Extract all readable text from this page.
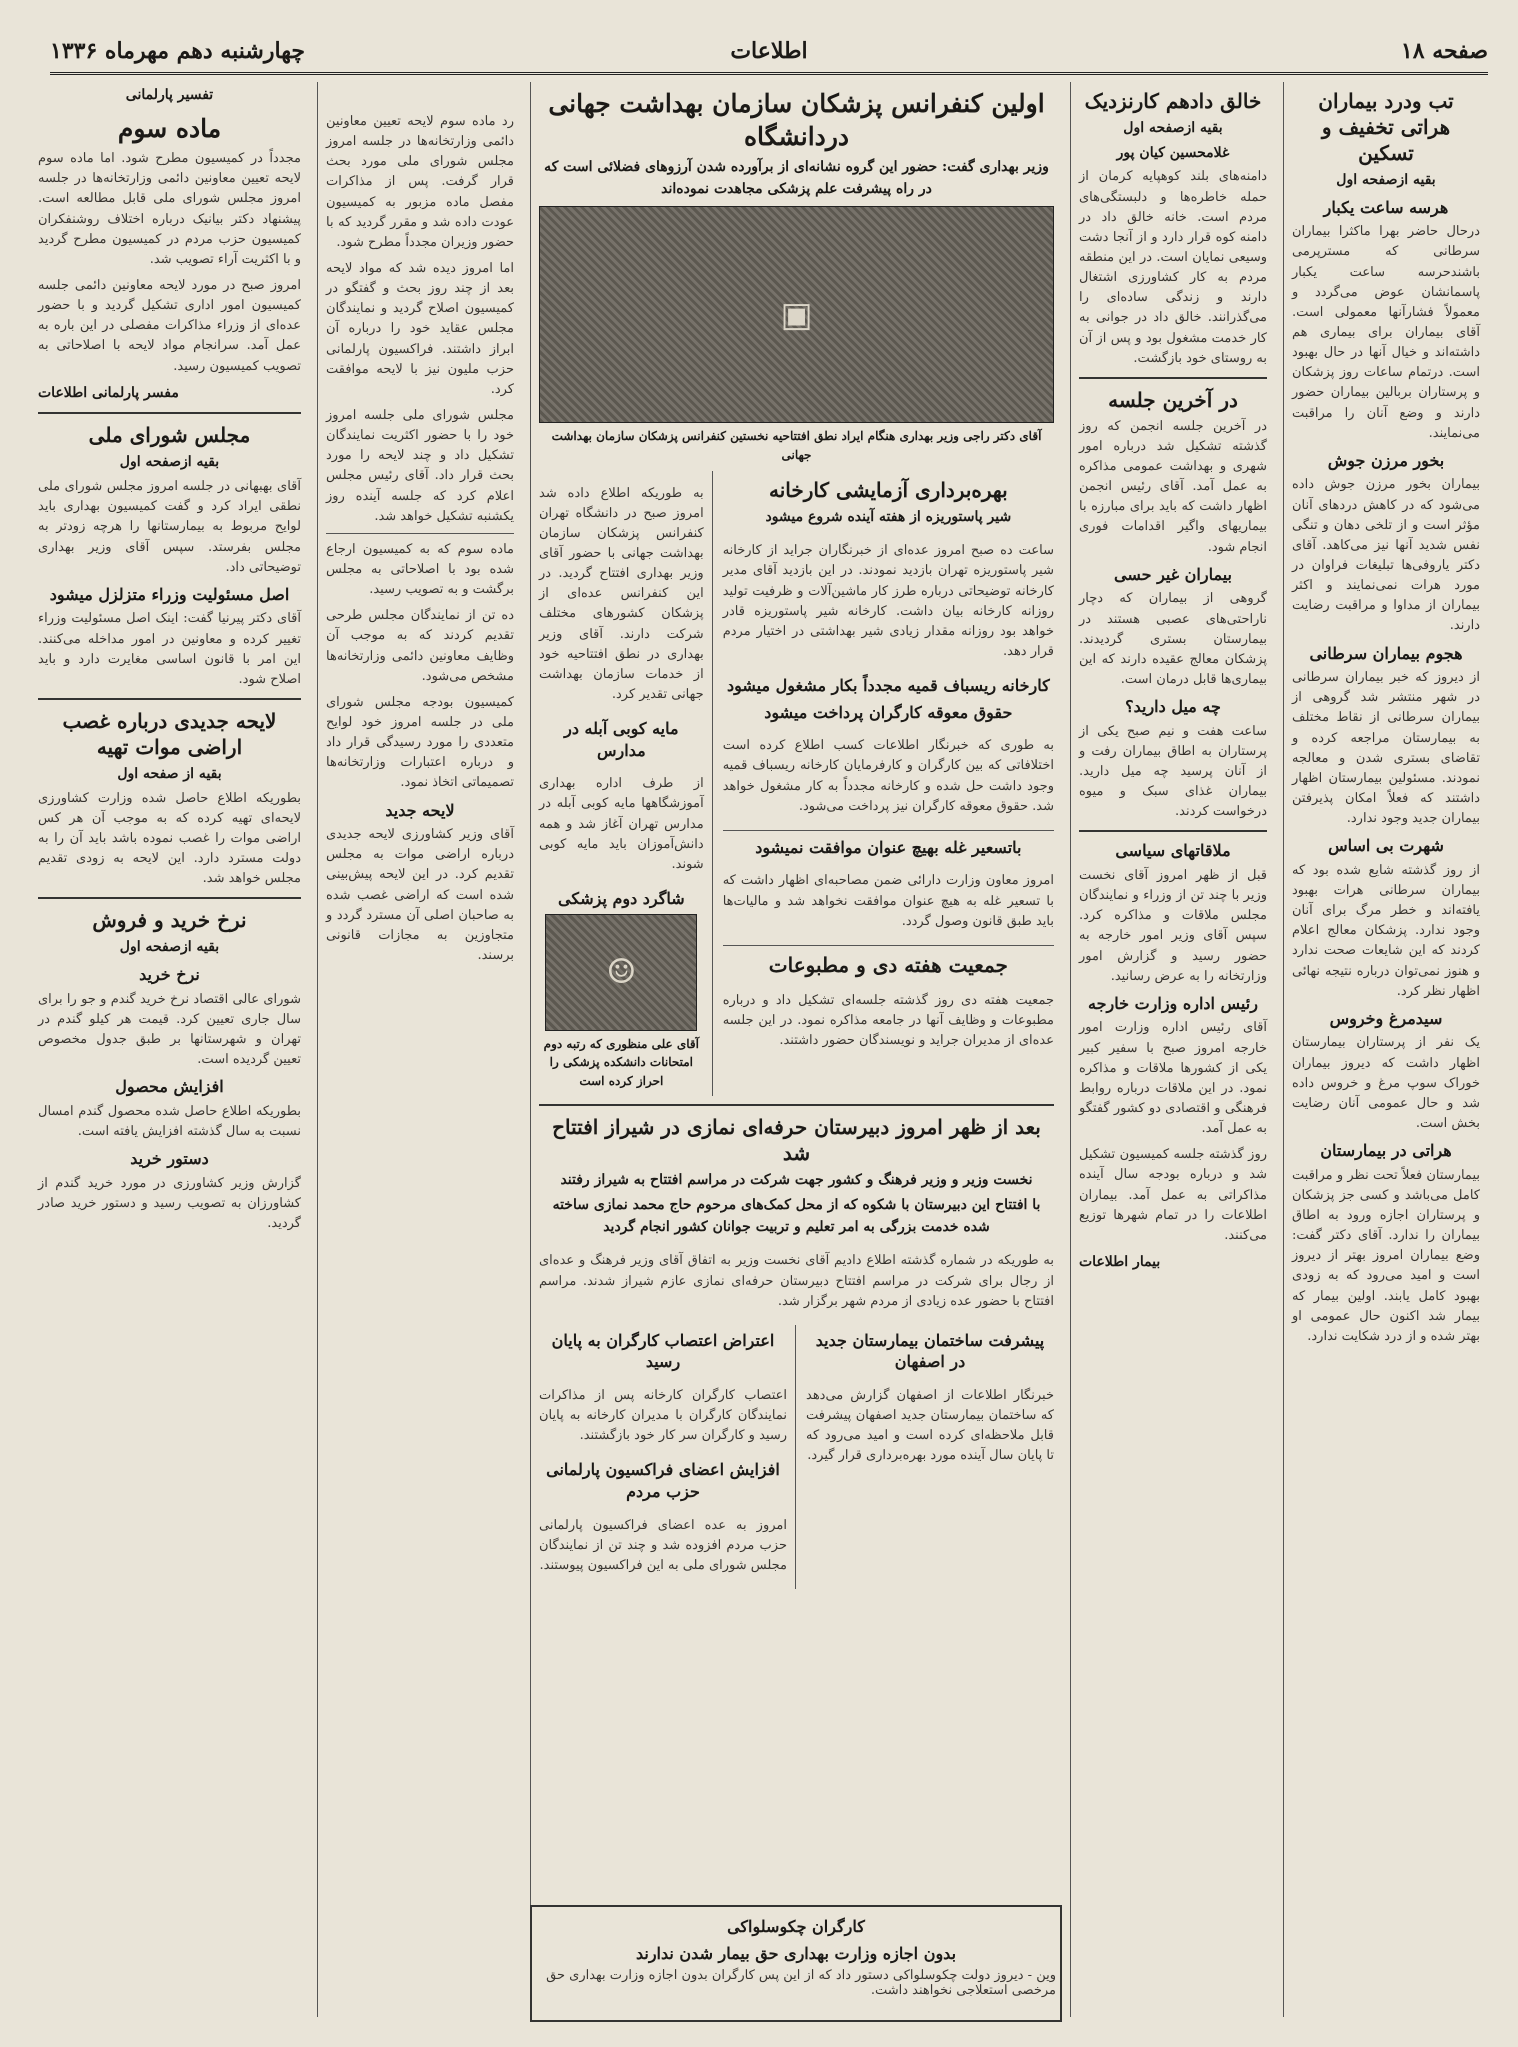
صفحه ۱۸
اطلاعات
چهارشنبه دهم مهرماه ۱۳۳۶
تب ودرد بیماران هراتی تخفیف و تسکین
بقیه ازصفحه اول
هرسه ساعت یکبار

درحال حاضر بهرا ماکثرا بیماران سرطانی که مسترپرمی باشندحرسه ساعت یکبار پاسمانشان عوض می‌گردد و معمولاً فشارآنها معمولی است. آقای بیماران برای بیماری هم داشته‌اند و خیال آنها در حال بهبود است. درتمام ساعات روز پزشکان و پرستاران بربالین بیماران حضور دارند و وضع آنان را مراقبت می‌نمایند.

بخور مرزن جوش

بیماران بخور مرزن جوش داده می‌شود که در کاهش دردهای آنان مؤثر است و از تلخی دهان و تنگی نفس شدید آنها نیز می‌کاهد. آقای دکتر یاروفی‌ها تبلیغات فراوان در مورد هرات نمی‌نمایند و اکثر بیماران از مداوا و مراقبت رضایت دارند.

هجوم بیماران سرطانی

از دیروز که خبر بیماران سرطانی در شهر منتشر شد گروهی از بیماران سرطانی از نقاط مختلف به بیمارستان مراجعه کرده و تقاضای بستری شدن و معالجه نمودند. مسئولین بیمارستان اظهار داشتند که فعلاً امکان پذیرفتن بیماران جدید وجود ندارد.

شهرت بی اساس

از روز گذشته شایع شده بود که بیماران سرطانی هرات بهبود یافته‌اند و خطر مرگ برای آنان وجود ندارد. پزشکان معالج اعلام کردند که این شایعات صحت ندارد و هنوز نمی‌توان درباره نتیجه نهائی اظهار نظر کرد.

سیدمرغ وخروس

یک نفر از پرستاران بیمارستان اظهار داشت که دیروز بیماران خوراک سوپ مرغ و خروس داده شد و حال عمومی آنان رضایت بخش است.

هراتی در بیمارستان

بیمارستان فعلاً تحت نظر و مراقبت کامل می‌باشد و کسی جز پزشکان و پرستاران اجازه ورود به اطاق بیماران را ندارد. آقای دکتر گفت: وضع بیماران امروز بهتر از دیروز است و امید می‌رود که به زودی بهبود کامل یابند. اولین بیمار که بیمار شد اکنون حال عمومی او بهتر شده و از درد شکایت ندارد.

خالق دادهم کارنزدیک
بقیه ازصفحه اول
غلامحسین کیان پور

دامنه‌های بلند کوهپایه کرمان از حمله خاطره‌ها و دلبستگی‌های مردم است. خانه خالق داد در دامنه کوه قرار دارد و از آنجا دشت وسیعی نمایان است. در این منطقه مردم به کار کشاورزی اشتغال دارند و زندگی ساده‌ای را می‌گذرانند. خالق داد در جوانی به کار خدمت مشغول بود و پس از آن به روستای خود بازگشت.

در آخرین جلسه

در آخرین جلسه انجمن که روز گذشته تشکیل شد درباره امور شهری و بهداشت عمومی مذاکره به عمل آمد. آقای رئیس انجمن اظهار داشت که باید برای مبارزه با بیماریهای واگیر اقدامات فوری انجام شود.

بیماران غیر حسی

گروهی از بیماران که دچار ناراحتی‌های عصبی هستند در بیمارستان بستری گردیدند. پزشکان معالج عقیده دارند که این بیماری‌ها قابل درمان است.

چه میل دارید؟

ساعت هفت و نیم صبح یکی از پرستاران به اطاق بیماران رفت و از آنان پرسید چه میل دارید. بیماران غذای سبک و میوه درخواست کردند.

ملاقاتهای سیاسی

قبل از ظهر امروز آقای نخست وزیر با چند تن از وزراء و نمایندگان مجلس ملاقات و مذاکره کرد. سپس آقای وزیر امور خارجه به حضور رسید و گزارش امور وزارتخانه را به عرض رسانید.

رئیس اداره وزارت خارجه

آقای رئیس اداره وزارت امور خارجه امروز صبح با سفیر کبیر یکی از کشورها ملاقات و مذاکره نمود. در این ملاقات درباره روابط فرهنگی و اقتصادی دو کشور گفتگو به عمل آمد.

روز گذشته جلسه کمیسیون تشکیل شد و درباره بودجه سال آینده مذاکراتی به عمل آمد. بیماران اطلاعات را در تمام شهرها توزیع می‌کنند.

بیمار اطلاعات
اولین کنفرانس پزشکان سازمان بهداشت جهانی دردانشگاه
وزیر بهداری گفت: حضور این گروه نشانه‌ای از برآورده شدن آرزوهای فضلائی است که در راه پیشرفت علم پزشکی مجاهدت نموده‌اند
▣
آقای دکتر راجی وزیر بهداری هنگام ایراد نطق افتتاحیه نخستین کنفرانس پزشکان سازمان بهداشت جهانی
بهره‌برداری آزمایشی کارخانه
شیر پاستوریزه از هفته آینده شروع میشود

ساعت ده صبح امروز عده‌ای از خبرنگاران جراید از کارخانه شیر پاستوریزه تهران بازدید نمودند. در این بازدید آقای مدیر کارخانه توضیحاتی درباره طرز کار ماشین‌آلات و ظرفیت تولید روزانه کارخانه بیان داشت. کارخانه شیر پاستوریزه قادر خواهد بود روزانه مقدار زیادی شیر بهداشتی در اختیار مردم قرار دهد.

کارخانه ریسباف قمیه مجدداً بکار مشغول میشود
حقوق معوقه کارگران پرداخت میشود

به طوری که خبرنگار اطلاعات کسب اطلاع کرده است اختلافاتی که بین کارگران و کارفرمایان کارخانه ریسباف قمیه وجود داشت حل شده و کارخانه مجدداً به کار مشغول خواهد شد. حقوق معوقه کارگران نیز پرداخت می‌شود.

باتسعیر غله بهیچ عنوان موافقت نمیشود

امروز معاون وزارت دارائی ضمن مصاحبه‌ای اظهار داشت که با تسعیر غله به هیچ عنوان موافقت نخواهد شد و مالیات‌ها باید طبق قانون وصول گردد.

جمعیت هفته دی و مطبوعات

جمعیت هفته دی روز گذشته جلسه‌ای تشکیل داد و درباره مطبوعات و وظایف آنها در جامعه مذاکره نمود. در این جلسه عده‌ای از مدیران جراید و نویسندگان حضور داشتند.

به طوریکه اطلاع داده شد امروز صبح در دانشگاه تهران کنفرانس پزشکان سازمان بهداشت جهانی با حضور آقای وزیر بهداری افتتاح گردید. در این کنفرانس عده‌ای از پزشکان کشورهای مختلف شرکت دارند. آقای وزیر بهداری در نطق افتتاحیه خود از خدمات سازمان بهداشت جهانی تقدیر کرد.

مایه کوبی آبله در مدارس

از طرف اداره بهداری آموزشگاهها مایه کوبی آبله در مدارس تهران آغاز شد و همه دانش‌آموزان باید مایه کوبی شوند.

شاگرد دوم پزشکی
☺
آقای علی منظوری که رتبه دوم امتحانات دانشکده پزشکی را احراز کرده است
بعد از ظهر امروز دبیرستان حرفه‌ای نمازی در شیراز افتتاح شد
نخست وزیر و وزیر فرهنگ و کشور جهت شرکت در مراسم افتتاح به شیراز رفتند
با افتتاح این دبیرستان با شکوه که از محل کمک‌های مرحوم حاج محمد نمازی ساخته شده خدمت بزرگی به امر تعلیم و تربیت جوانان کشور انجام گردید

به طوریکه در شماره گذشته اطلاع دادیم آقای نخست وزیر به اتفاق آقای وزیر فرهنگ و عده‌ای از رجال برای شرکت در مراسم افتتاح دبیرستان حرفه‌ای نمازی عازم شیراز شدند. مراسم افتتاح با حضور عده زیادی از مردم شهر برگزار شد.

پیشرفت ساختمان بیمارستان جدید در اصفهان

خبرنگار اطلاعات از اصفهان گزارش می‌دهد که ساختمان بیمارستان جدید اصفهان پیشرفت قابل ملاحظه‌ای کرده است و امید می‌رود که تا پایان سال آینده مورد بهره‌برداری قرار گیرد.

اعتراض اعتصاب کارگران به پایان رسید

اعتصاب کارگران کارخانه پس از مذاکرات نمایندگان کارگران با مدیران کارخانه به پایان رسید و کارگران سر کار خود بازگشتند.

افزایش اعضای فراکسیون پارلمانی حزب مردم

امروز به عده اعضای فراکسیون پارلمانی حزب مردم افزوده شد و چند تن از نمایندگان مجلس شورای ملی به این فراکسیون پیوستند.

کارگران چکوسلواکی
بدون اجازه وزارت بهداری حق بیمار شدن ندارند

وین - دیروز دولت چکوسلواکی دستور داد که از این پس کارگران بدون اجازه وزارت بهداری حق مرخصی استعلاجی نخواهند داشت.

رد ماده سوم لایحه تعیین معاونین دائمی وزارتخانه‌ها در جلسه امروز مجلس شورای ملی مورد بحث قرار گرفت. پس از مذاکرات مفصل ماده مزبور به کمیسیون عودت داده شد و مقرر گردید که با حضور وزیران مجدداً مطرح شود.

اما امروز دیده شد که مواد لایحه بعد از چند روز بحث و گفتگو در کمیسیون اصلاح گردید و نمایندگان مجلس عقاید خود را درباره آن ابراز داشتند. فراکسیون پارلمانی حزب ملیون نیز با لایحه موافقت کرد.

مجلس شورای ملی جلسه امروز خود را با حضور اکثریت نمایندگان تشکیل داد و چند لایحه را مورد بحث قرار داد. آقای رئیس مجلس اعلام کرد که جلسه آینده روز یکشنبه تشکیل خواهد شد.

ماده سوم که به کمیسیون ارجاع شده بود با اصلاحاتی به مجلس برگشت و به تصویب رسید.

ده تن از نمایندگان مجلس طرحی تقدیم کردند که به موجب آن وظایف معاونین دائمی وزارتخانه‌ها مشخص می‌شود.

کمیسیون بودجه مجلس شورای ملی در جلسه امروز خود لوایح متعددی را مورد رسیدگی قرار داد و درباره اعتبارات وزارتخانه‌ها تصمیماتی اتخاذ نمود.

لایحه جدید

آقای وزیر کشاورزی لایحه جدیدی درباره اراضی موات به مجلس تقدیم کرد. در این لایحه پیش‌بینی شده است که اراضی غصب شده به صاحبان اصلی آن مسترد گردد و متجاوزین به مجازات قانونی برسند.

تفسیر پارلمانی
ماده سوم

مجدداً در کمیسیون مطرح شود. اما ماده سوم لایحه تعیین معاونین دائمی وزارتخانه‌ها در جلسه امروز مجلس شورای ملی قابل مطالعه است. پیشنهاد دکتر بیانیک درباره اختلاف روشنفکران کمیسیون حزب مردم در کمیسیون مطرح گردید و با اکثریت آراء تصویب شد.

امروز صبح در مورد لایحه معاونین دائمی جلسه کمیسیون امور اداری تشکیل گردید و با حضور عده‌ای از وزراء مذاکرات مفصلی در این باره به عمل آمد. سرانجام مواد لایحه با اصلاحاتی به تصویب کمیسیون رسید.

مفسر پارلمانی اطلاعات
مجلس شورای ملی
بقیه ازصفحه اول

آقای بهبهانی در جلسه امروز مجلس شورای ملی نطقی ایراد کرد و گفت کمیسیون بهداری باید لوایح مربوط به بیمارستانها را هرچه زودتر به مجلس بفرستد. سپس آقای وزیر بهداری توضیحاتی داد.

اصل مسئولیت وزراء متزلزل میشود

آقای دکتر پیرنیا گفت: اینک اصل مسئولیت وزراء تغییر کرده و معاونین در امور مداخله می‌کنند. این امر با قانون اساسی مغایرت دارد و باید اصلاح شود.

لایحه جدیدی درباره غصب اراضی موات تهیه
بقیه از صفحه اول

بطوریکه اطلاع حاصل شده وزارت کشاورزی لایحه‌ای تهیه کرده که به موجب آن هر کس اراضی موات را غصب نموده باشد باید آن را به دولت مسترد دارد. این لایحه به زودی تقدیم مجلس خواهد شد.

نرخ خرید و فروش
بقیه ازصفحه اول
نرخ خرید

شورای عالی اقتصاد نرخ خرید گندم و جو را برای سال جاری تعیین کرد. قیمت هر کیلو گندم در تهران و شهرستانها بر طبق جدول مخصوص تعیین گردیده است.

افزایش محصول

بطوریکه اطلاع حاصل شده محصول گندم امسال نسبت به سال گذشته افزایش یافته است.

دستور خرید

گزارش وزیر کشاورزی در مورد خرید گندم از کشاورزان به تصویب رسید و دستور خرید صادر گردید.
